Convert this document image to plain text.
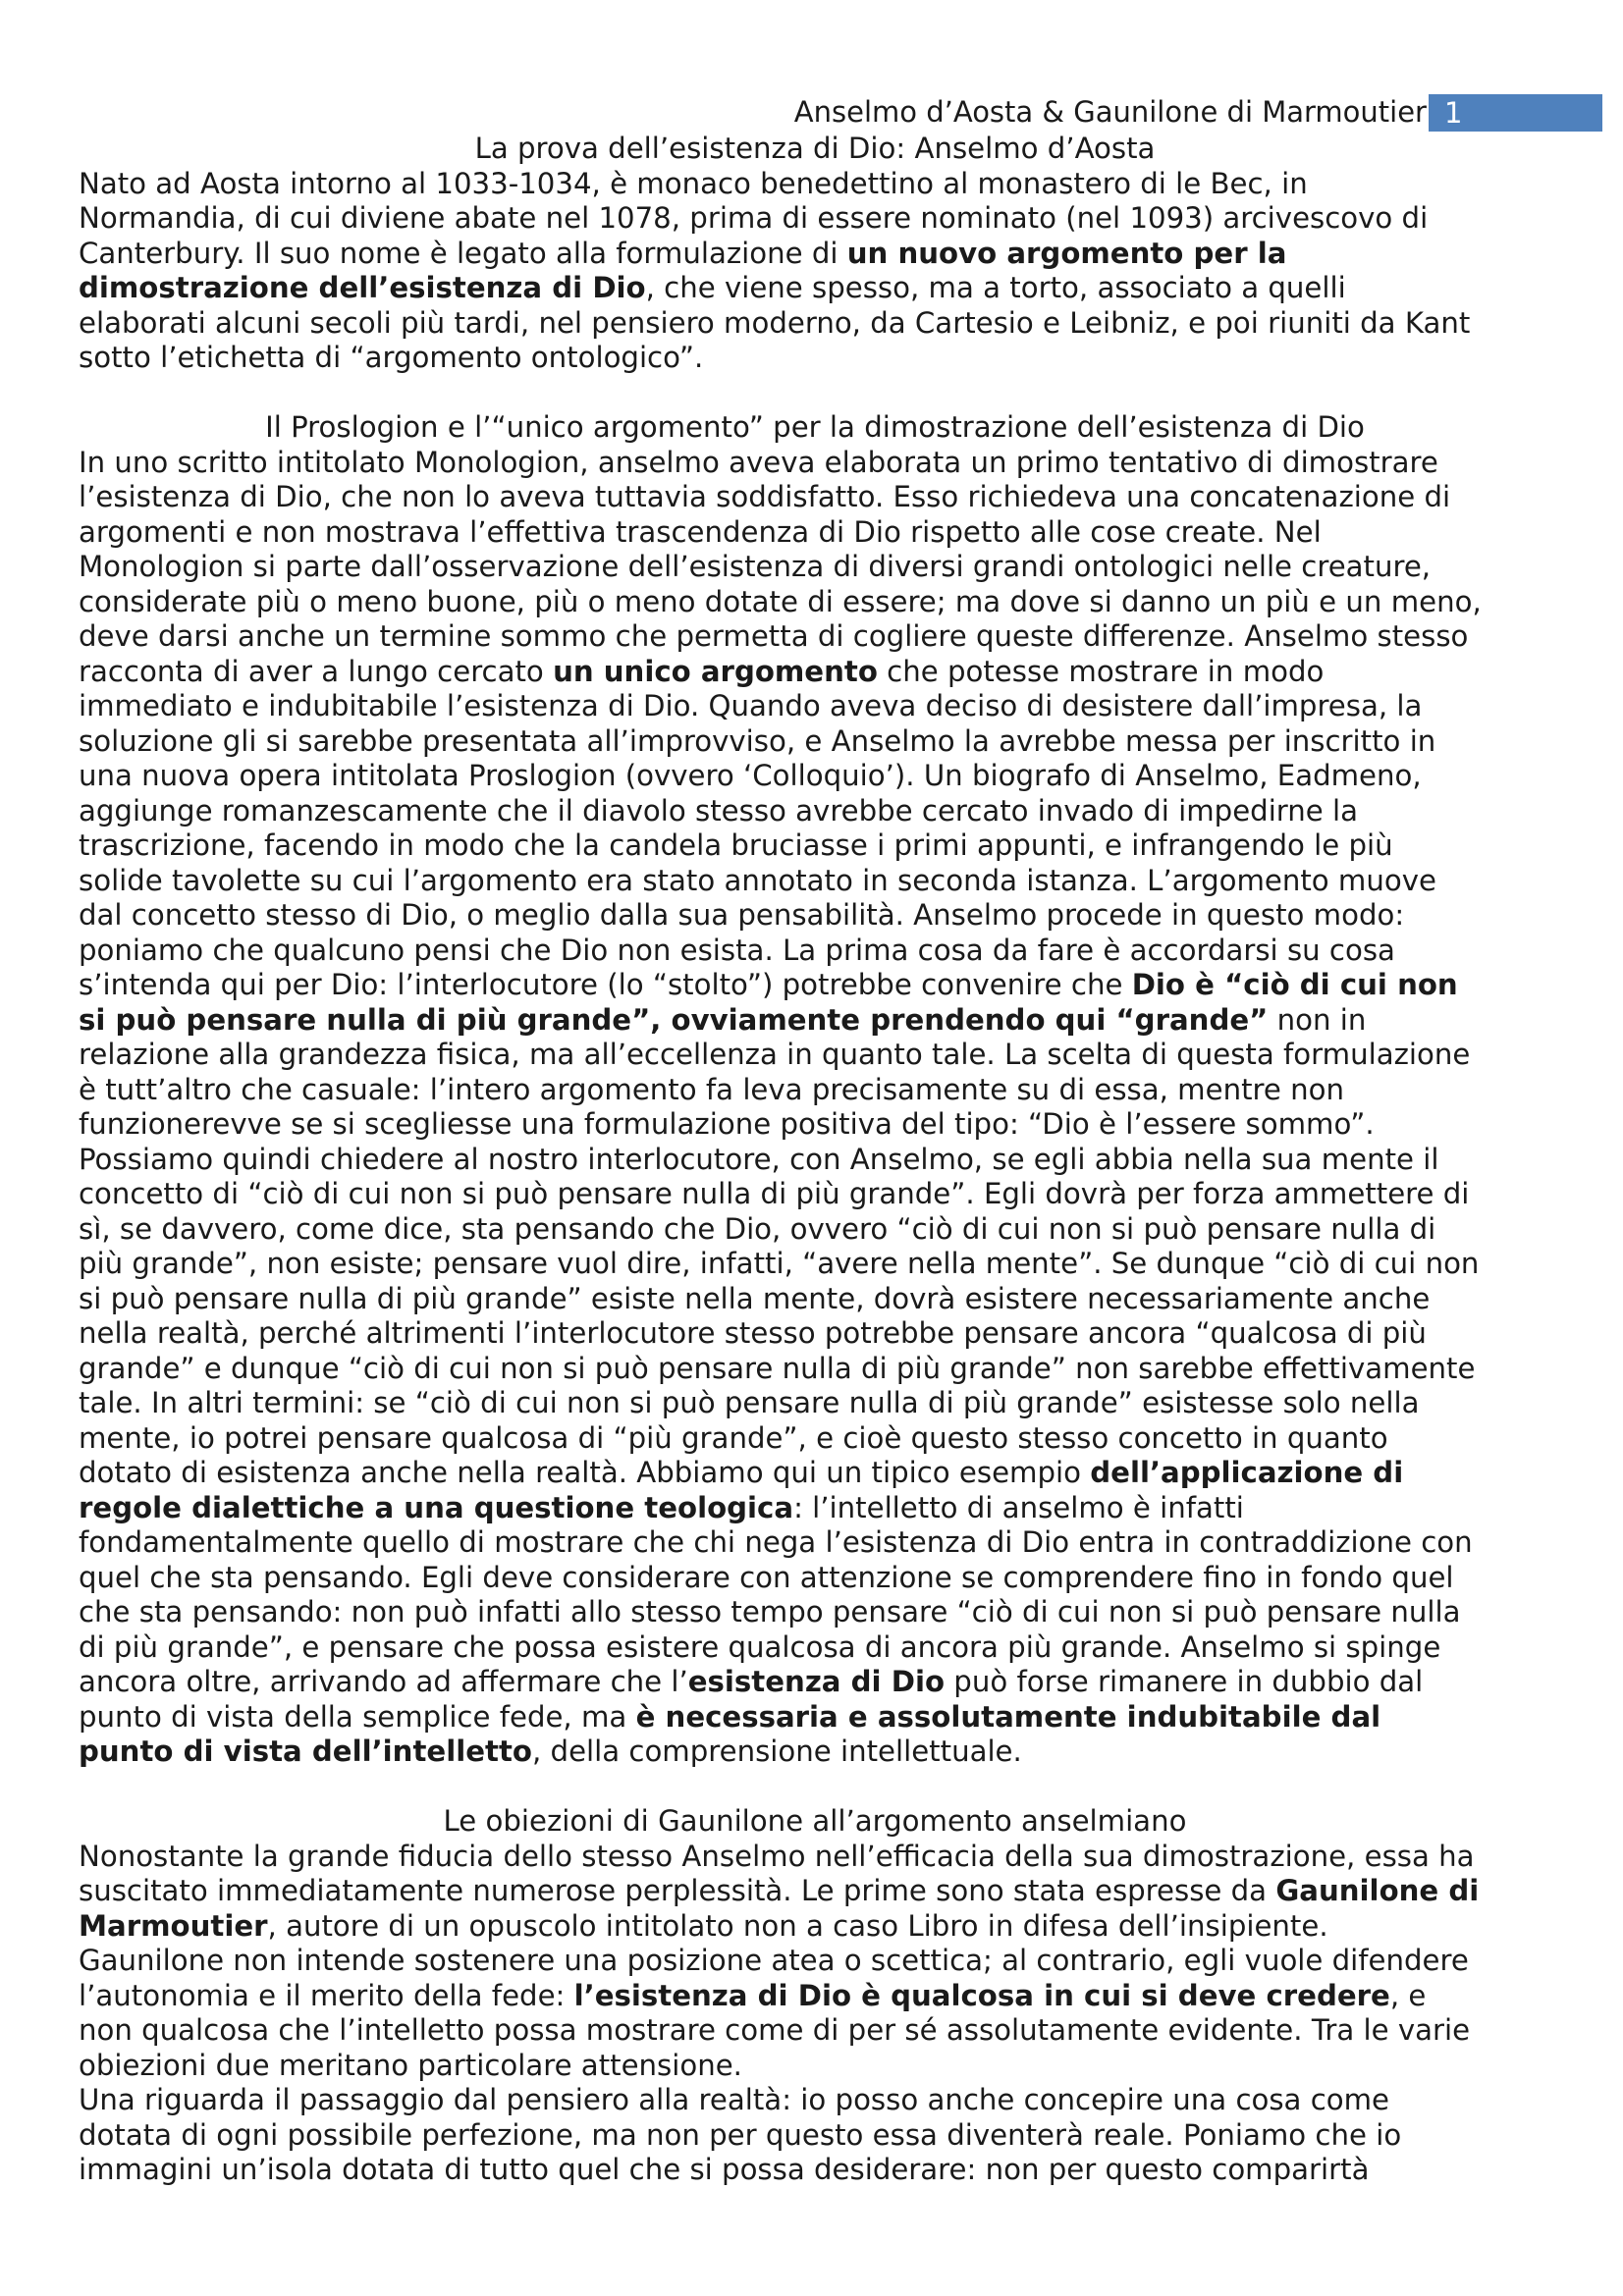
Anselmo d’Aosta & Gaunilone di Marmoutier 1
La prova dell’esistenza di Dio: Anselmo d’Aosta
Nato ad Aosta intorno al 1033-1034, è monaco benedettino al monastero di le Bec, in
Normandia, di cui diviene abate nel 1078, prima di essere nominato (nel 1093) arcivescovo di
Canterbury. Il suo nome è legato alla formulazione di un nuovo argomento per la
dimostrazione dell’esistenza di Dio, che viene spesso, ma a torto, associato a quelli
elaborati alcuni secoli più tardi, nel pensiero moderno, da Cartesio e Leibniz, e poi riuniti da Kant
sotto l’etichetta di “argomento ontologico”.
Il Proslogion e l’“unico argomento” per la dimostrazione dell’esistenza di Dio
In uno scritto intitolato Monologion, anselmo aveva elaborata un primo tentativo di dimostrare
l’esistenza di Dio, che non lo aveva tuttavia soddisfatto. Esso richiedeva una concatenazione di
argomenti e non mostrava l’effettiva trascendenza di Dio rispetto alle cose create. Nel
Monologion si parte dall’osservazione dell’esistenza di diversi grandi ontologici nelle creature,
considerate più o meno buone, più o meno dotate di essere; ma dove si danno un più e un meno,
deve darsi anche un termine sommo che permetta di cogliere queste differenze. Anselmo stesso
racconta di aver a lungo cercato un unico argomento che potesse mostrare in modo
immediato e indubitabile l’esistenza di Dio. Quando aveva deciso di desistere dall’impresa, la
soluzione gli si sarebbe presentata all’improvviso, e Anselmo la avrebbe messa per inscritto in
una nuova opera intitolata Proslogion (ovvero ‘Colloquio’). Un biografo di Anselmo, Eadmeno,
aggiunge romanzescamente che il diavolo stesso avrebbe cercato invado di impedirne la
trascrizione, facendo in modo che la candela bruciasse i primi appunti, e infrangendo le più
solide tavolette su cui l’argomento era stato annotato in seconda istanza. L’argomento muove
dal concetto stesso di Dio, o meglio dalla sua pensabilità. Anselmo procede in questo modo:
poniamo che qualcuno pensi che Dio non esista. La prima cosa da fare è accordarsi su cosa
s’intenda qui per Dio: l’interlocutore (lo “stolto”) potrebbe convenire che Dio è “ciò di cui non
si può pensare nulla di più grande”, ovviamente prendendo qui “grande” non in
relazione alla grandezza fisica, ma all’eccellenza in quanto tale. La scelta di questa formulazione
è tutt’altro che casuale: l’intero argomento fa leva precisamente su di essa, mentre non
funzionerevve se si scegliesse una formulazione positiva del tipo: “Dio è l’essere sommo”.
Possiamo quindi chiedere al nostro interlocutore, con Anselmo, se egli abbia nella sua mente il
concetto di “ciò di cui non si può pensare nulla di più grande”. Egli dovrà per forza ammettere di
sì, se davvero, come dice, sta pensando che Dio, ovvero “ciò di cui non si può pensare nulla di
più grande”, non esiste; pensare vuol dire, infatti, “avere nella mente”. Se dunque “ciò di cui non
si può pensare nulla di più grande” esiste nella mente, dovrà esistere necessariamente anche
nella realtà, perché altrimenti l’interlocutore stesso potrebbe pensare ancora “qualcosa di più
grande” e dunque “ciò di cui non si può pensare nulla di più grande” non sarebbe effettivamente
tale. In altri termini: se “ciò di cui non si può pensare nulla di più grande” esistesse solo nella
mente, io potrei pensare qualcosa di “più grande”, e cioè questo stesso concetto in quanto
dotato di esistenza anche nella realtà. Abbiamo qui un tipico esempio dell’applicazione di
regole dialettiche a una questione teologica: l’intelletto di anselmo è infatti
fondamentalmente quello di mostrare che chi nega l’esistenza di Dio entra in contraddizione con
quel che sta pensando. Egli deve considerare con attenzione se comprendere fino in fondo quel
che sta pensando: non può infatti allo stesso tempo pensare “ciò di cui non si può pensare nulla
di più grande”, e pensare che possa esistere qualcosa di ancora più grande. Anselmo si spinge
ancora oltre, arrivando ad affermare che l’esistenza di Dio può forse rimanere in dubbio dal
punto di vista della semplice fede, ma è necessaria e assolutamente indubitabile dal
punto di vista dell’intelletto, della comprensione intellettuale.
Le obiezioni di Gaunilone all’argomento anselmiano
Nonostante la grande fiducia dello stesso Anselmo nell’efficacia della sua dimostrazione, essa ha
suscitato immediatamente numerose perplessità. Le prime sono stata espresse da Gaunilone di
Marmoutier, autore di un opuscolo intitolato non a caso Libro in difesa dell’insipiente.
Gaunilone non intende sostenere una posizione atea o scettica; al contrario, egli vuole difendere
l’autonomia e il merito della fede: l’esistenza di Dio è qualcosa in cui si deve credere, e
non qualcosa che l’intelletto possa mostrare come di per sé assolutamente evidente. Tra le varie
obiezioni due meritano particolare attensione.
Una riguarda il passaggio dal pensiero alla realtà: io posso anche concepire una cosa come
dotata di ogni possibile perfezione, ma non per questo essa diventerà reale. Poniamo che io
immagini un’isola dotata di tutto quel che si possa desiderare: non per questo comparirtà
